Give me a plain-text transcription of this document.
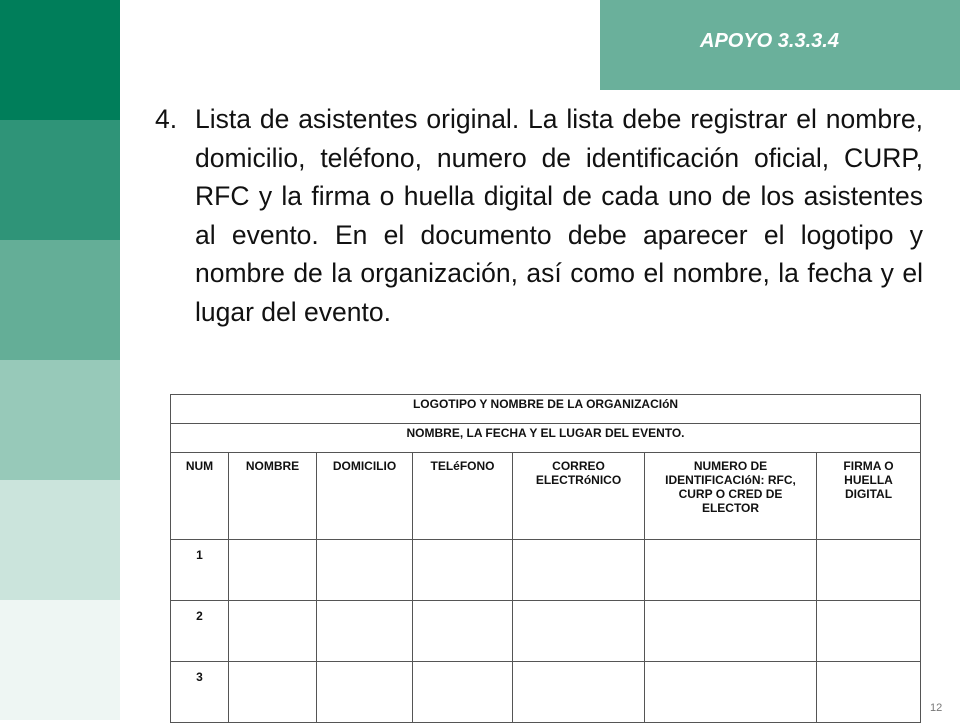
APOYO 3.3.3.4
4. Lista de asistentes original. La lista debe registrar el nombre, domicilio, teléfono, numero de identificación oficial, CURP, RFC y la firma o huella digital de cada uno de los asistentes al evento. En el documento debe aparecer el logotipo y nombre de la organización, así como el nombre, la fecha y el lugar del evento.
LOGOTIPO Y NOMBRE DE LA ORGANIZACIóN						
NOMBRE, LA FECHA Y EL LUGAR DEL EVENTO.						
NUM	NOMBRE	DOMICILIO	TELéFONO	CORREO ELECTRóNICO	NUMERO DE IDENTIFICACIóN: RFC, CURP O CRED DE ELECTOR	FIRMA O HUELLA DIGITAL
1						
2						
3						
12
